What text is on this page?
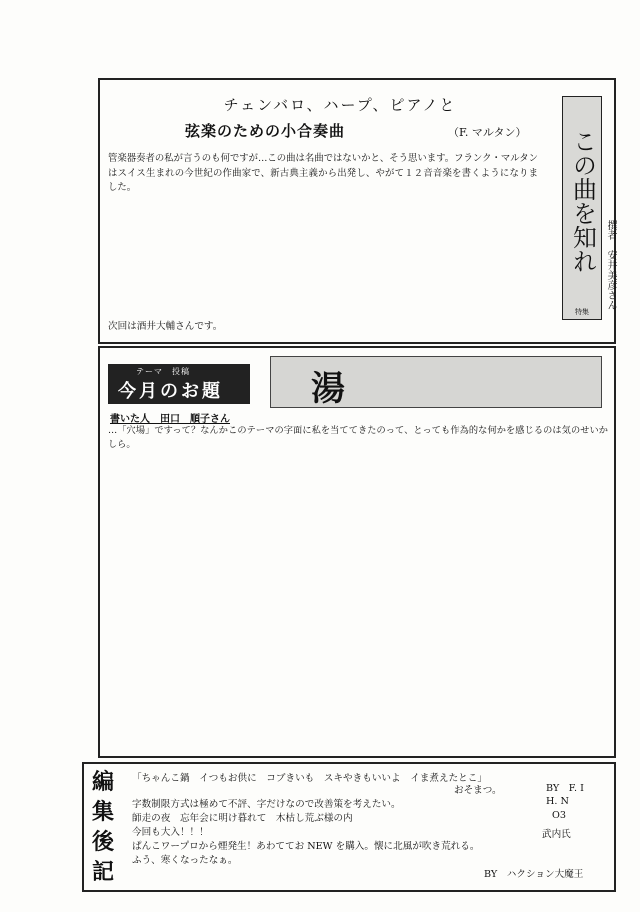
チェンバロ、ハープ、ピアノと
弦楽のための小合奏曲	（F. マルタン）
管楽器奏者の私が言うのも何ですが…この曲は名曲ではないかと、そう思います。フランク・マルタンはスイス生まれの今世紀の作曲家で、新古典主義から出発し、やがて１２音音楽を書くようになりました。
次回は酒井大輔さんです。
この曲を知れ
特集
撰者　安井美彦さん
テーマ　投稿
今月のお題	湯
書いた人　田口　順子さん
…「穴場」ですって？なんかこのテーマの字面に私を当ててきたのって、とっても作為的な何かを感じるのは気のせいかしら。
編
集
後
記
「ちゃんこ鍋　イつもお供に　コブきいも　スキやきもいいよ　イま煮えたとこ」
BY　F. I
おそまつ。
字数制限方式は極めて不評、字だけなので改善策を考えたい。	H. N
師走の夜　忘年会に明け暮れて　木枯し荒ぶ様の内	O3
今回も大入！！！	武内氏
ぱんこワープロから煙発生！あわててお NEW を購入。懐に北風が吹き荒れる。
ふう、寒くなったなぁ。
BY　ハクション大魔王
